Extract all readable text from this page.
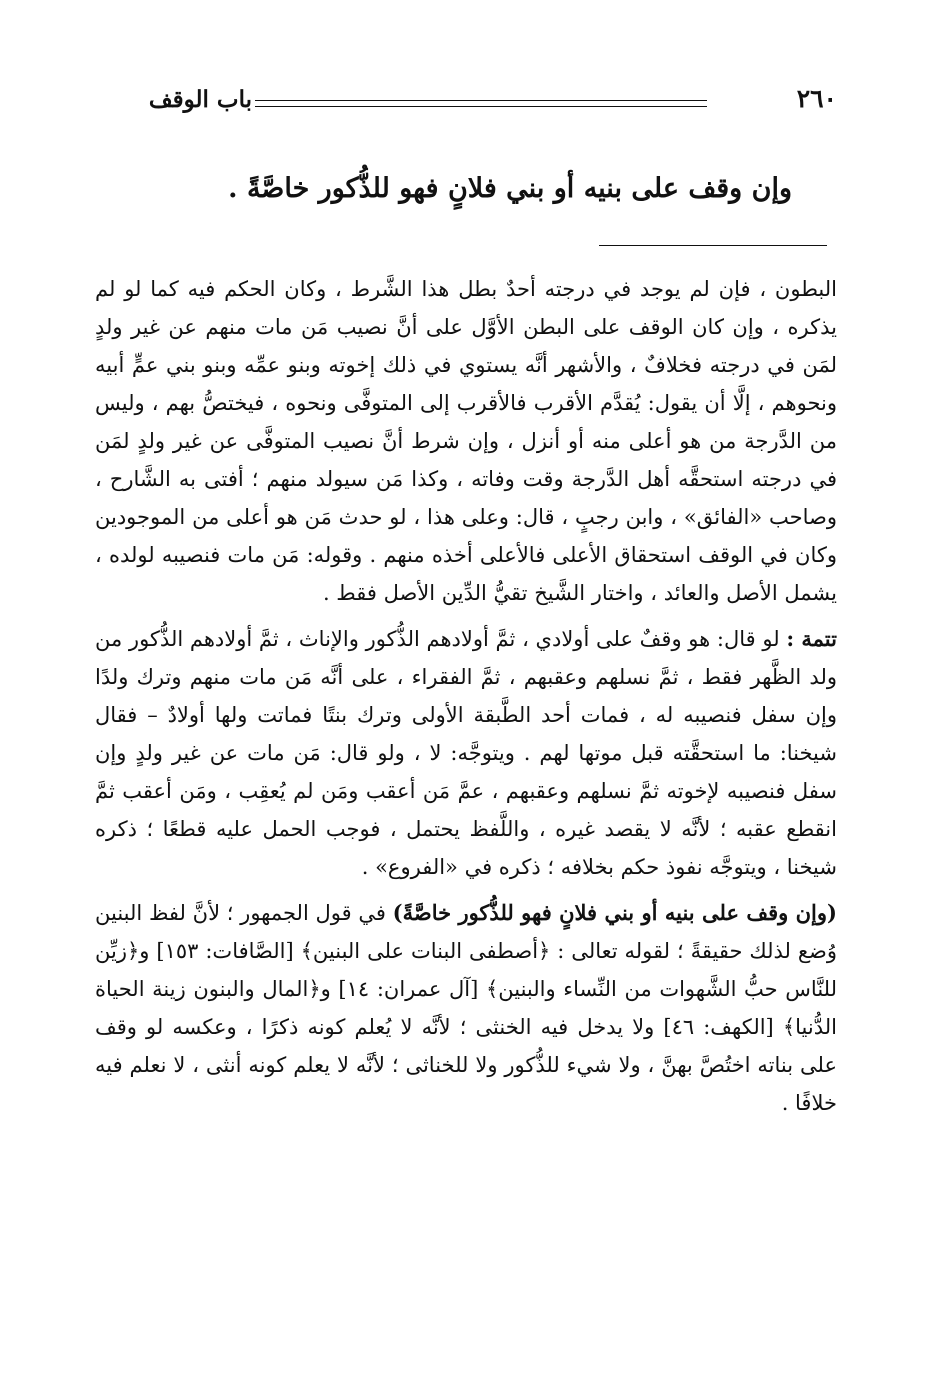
٢٦٠
باب الوقف
وإن وقف على بنيه أو بني فلانٍ فهو للذُّكور خاصَّةً .

البطون ، فإن لم يوجد في درجته أحدٌ بطل هذا الشَّرط ، وكان الحكم فيه كما لو لم يذكره ، وإن كان الوقف على البطن الأوَّل على أنَّ نصيب مَن مات منهم عن غير ولدٍ لمَن في درجته فخلافٌ ، والأشهر أنَّه يستوي في ذلك إخوته وبنو عمِّه وبنو بني عمٍّ أبيه ونحوهم ، إلَّا أن يقول: يُقدَّم الأقرب فالأقرب إلى المتوفَّى ونحوه ، فيختصُّ بهم ، وليس من الدَّرجة من هو أعلى منه أو أنزل ، وإن شرط أنَّ نصيب المتوفَّى عن غير ولدٍ لمَن في درجته استحقَّه أهل الدَّرجة وقت وفاته ، وكذا مَن سيولد منهم ؛ أفتى به الشَّارح ، وصاحب «الفائق» ، وابن رجبٍ ، قال: وعلى هذا ، لو حدث مَن هو أعلى من الموجودين وكان في الوقف استحقاق الأعلى فالأعلى أخذه منهم . وقوله: مَن مات فنصيبه لولده ، يشمل الأصل والعائد ، واختار الشَّيخ تقيُّ الدِّين الأصل فقط .

تتمة : لو قال: هو وقفٌ على أولادي ، ثمَّ أولادهم الذُّكور والإناث ، ثمَّ أولادهم الذُّكور من ولد الظَّهر فقط ، ثمَّ نسلهم وعقبهم ، ثمَّ الفقراء ، على أنَّه مَن مات منهم وترك ولدًا وإن سفل فنصيبه له ، فمات أحد الطَّبقة الأولى وترك بنتًا فماتت ولها أولادٌ – فقال شيخنا: ما استحقَّته قبل موتها لهم . ويتوجَّه: لا ، ولو قال: مَن مات عن غير ولدٍ وإن سفل فنصيبه لإخوته ثمَّ نسلهم وعقبهم ، عمَّ مَن أعقب ومَن لم يُعقِب ، ومَن أعقب ثمَّ انقطع عقبه ؛ لأنَّه لا يقصد غيره ، واللَّفظ يحتمل ، فوجب الحمل عليه قطعًا ؛ ذكره شيخنا ، ويتوجَّه نفوذ حكم بخلافه ؛ ذكره في «الفروع» .

(وإن وقف على بنيه أو بني فلانٍ فهو للذُّكور خاصَّةً) في قول الجمهور ؛ لأنَّ لفظ البنين وُضع لذلك حقيقةً ؛ لقوله تعالى : ﴿أصطفى البنات على البنين﴾ [الصَّافات: ١٥٣] و﴿زيِّن للنَّاس حبُّ الشَّهوات من النِّساء والبنين﴾ [آل عمران: ١٤] و﴿المال والبنون زينة الحياة الدُّنيا﴾ [الكهف: ٤٦] ولا يدخل فيه الخنثى ؛ لأنَّه لا يُعلم كونه ذكرًا ، وعكسه لو وقف على بناته اختُصَّ بهنَّ ، ولا شيء للذُّكور ولا للخناثى ؛ لأنَّه لا يعلم كونه أنثى ، لا نعلم فيه خلافًا .
